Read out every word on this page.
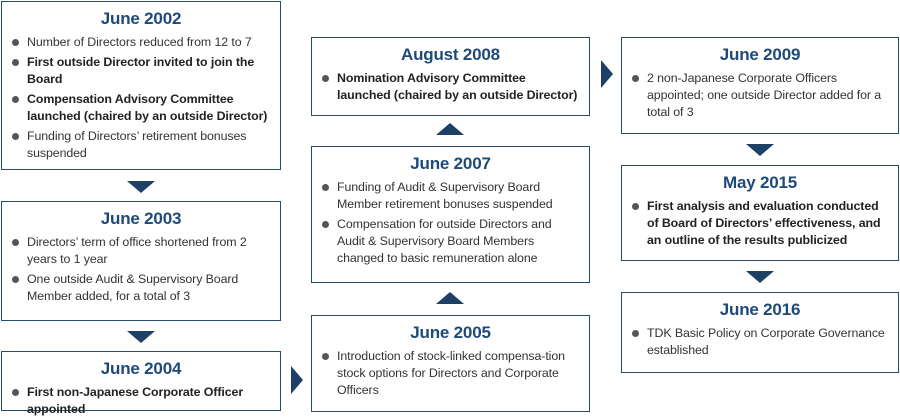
June 2002
Number of Directors reduced from 12 to 7
First outside Director invited to join the Board
Compensation Advisory Committee launched (chaired by an outside Director)
Funding of Directors’ retirement bonuses suspended
June 2003
Directors’ term of office shortened from 2 years to 1 year
One outside Audit & Supervisory Board Member added, for a total of 3
June 2004
First non-Japanese Corporate Officer appointed
August 2008
Nomination Advisory Committee launched (chaired by an outside Director)
June 2007
Funding of Audit & Supervisory Board Member retirement bonuses suspended
Compensation for outside Directors and Audit & Supervisory Board Members changed to basic remuneration alone
June 2005
Introduction of stock-linked compensa-tion stock options for Directors and Corporate Officers
June 2009
2 non-Japanese Corporate Officers appointed; one outside Director added for a total of 3
May 2015
First analysis and evaluation conducted of Board of Directors’ effectiveness, and an outline of the results publicized
June 2016
TDK Basic Policy on Corporate Governance established
